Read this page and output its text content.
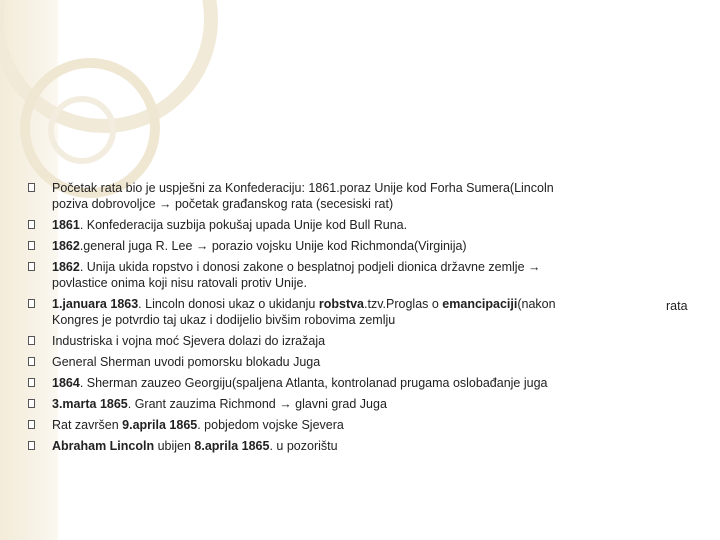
Početak rata bio je uspješni za Konfederaciju: 1861.poraz Unije kod Forha Sumera(Lincoln
poziva dobrovoljce → početak građanskog rata (secesiski rat)
1861. Konfederacija suzbija pokušaj upada Unije kod Bull Runa.
1862.general juga R. Lee → porazio vojsku Unije kod Richmonda(Virginija)
1862. Unija ukida ropstvo i donosi zakone o besplatnoj podjeli dionica državne zemlje →
povlastice onima koji nisu ratovali protiv Unije.
1.januara 1863. Lincoln donosi ukaz o ukidanju robstva.tzv.Proglas o emancipaciji(nakon
Kongres je potvrdio taj ukaz i dodijelio bivšim robovima zemlju
Industriska i vojna moć Sjevera dolazi do izražaja
General Sherman uvodi pomorsku blokadu Juga
1864. Sherman zauzeo Georgiju(spaljena Atlanta, kontrolanad prugama oslobađanje juga
3.marta 1865. Grant zauzima Richmond → glavni grad Juga
Rat završen 9.aprila 1865. pobjedom vojske Sjevera
Abraham Lincoln ubijen 8.aprila 1865. u pozorištu
rata
